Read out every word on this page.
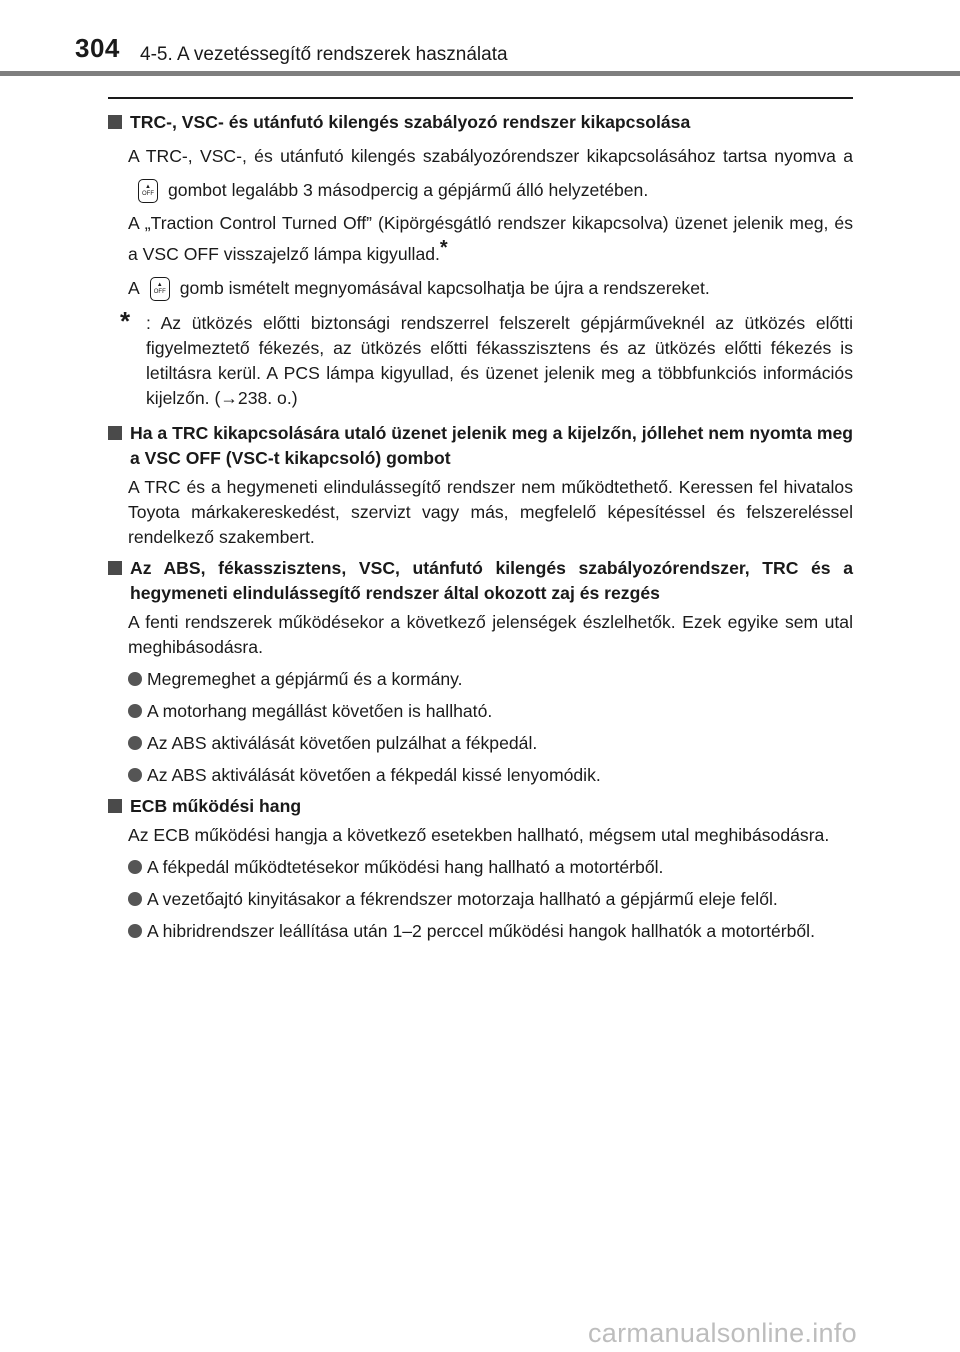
304 4-5. A vezetéssegítő rendszerek használata
TRC-, VSC- és utánfutó kilengés szabályozó rendszer kikapcsolása
A TRC-, VSC-, és utánfutó kilengés szabályozórendszer kikapcsolásához tartsa nyomva a▲
OFF gombot legalább 3 másodpercig a gépjármű álló helyzetében.
A „Traction Control Turned Off” (Kipörgésgátló rendszer kikapcsolva) üzenet jelenik meg, és a VSC OFF visszajelző lámpa kigyullad.*
A	▲
OFF gomb ismételt megnyomásával kapcsolhatja be újra a rendszereket.
* : Az ütközés előtti biztonsági rendszerrel felszerelt gépjárműveknél az ütközés előtti figyelmeztető fékezés, az ütközés előtti fékasszisztens és az ütközés előtti fékezés is letiltásra kerül. A PCS lámpa kigyullad, és üzenet jelenik meg a többfunkciós információs kijelzőn. (→238. o.)
Ha a TRC kikapcsolására utaló üzenet jelenik meg a kijelzőn, jóllehet nem nyomta meg a VSC OFF (VSC-t kikapcsoló) gombot
A TRC és a hegymeneti elindulássegítő rendszer nem működtethető. Keressen fel hivatalos Toyota márkakereskedést, szervizt vagy más, megfelelő képesítéssel és felszereléssel rendelkező szakembert.
Az ABS, fékasszisztens, VSC, utánfutó kilengés szabályozórendszer, TRC és a hegymeneti elindulássegítő rendszer által okozott zaj és rezgés
A fenti rendszerek működésekor a következő jelenségek észlelhetők. Ezek egyike sem utal meghibásodásra.
Megremeghet a gépjármű és a kormány.
A motorhang megállást követően is hallható.
Az ABS aktiválását követően pulzálhat a fékpedál.
Az ABS aktiválását követően a fékpedál kissé lenyomódik.
ECB működési hang
Az ECB működési hangja a következő esetekben hallható, mégsem utal meghibásodásra.
A fékpedál működtetésekor működési hang hallható a motortérből.
A vezetőajtó kinyitásakor a fékrendszer motorzaja hallható a gépjármű eleje felől.
A hibridrendszer leállítása után 1–2 perccel működési hangok hallhatók a motortérből.
carmanualsonline.info
